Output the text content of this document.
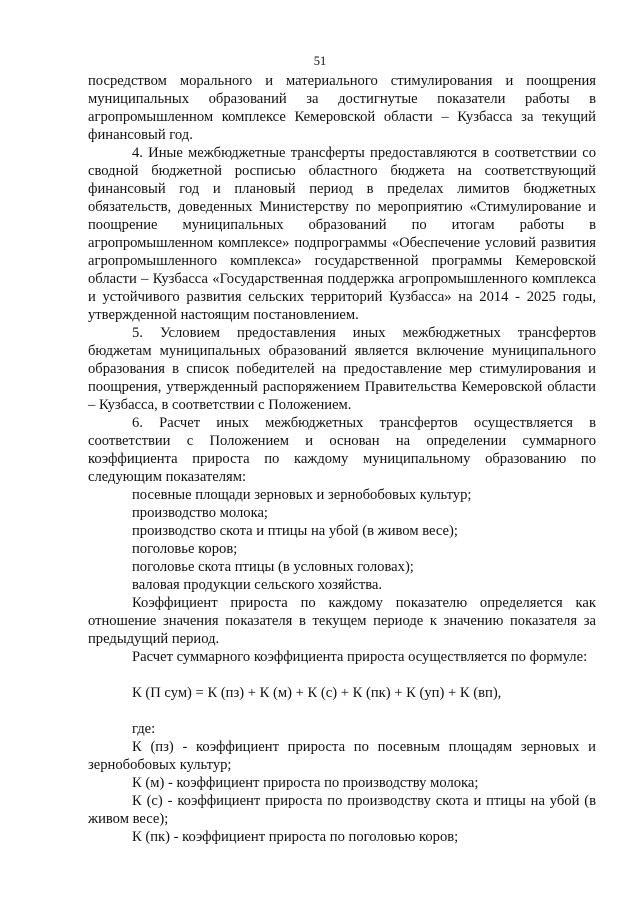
51

посредством морального и материального стимулирования и поощрения муниципальных образований за достигнутые показатели работы в агропромышленном комплексе Кемеровской области – Кузбасса за текущий финансовый год.

4. Иные межбюджетные трансферты предоставляются в соответствии со сводной бюджетной росписью областного бюджета на соответствующий финансовый год и плановый период в пределах лимитов бюджетных обязательств, доведенных Министерству по мероприятию «Стимулирование и поощрение муниципальных образований по итогам работы в агропромышленном комплексе» подпрограммы «Обеспечение условий развития агропромышленного комплекса» государственной программы Кемеровской области – Кузбасса «Государственная поддержка агропромышленного комплекса и устойчивого развития сельских территорий Кузбасса» на 2014 - 2025 годы, утвержденной настоящим постановлением.

5. Условием предоставления иных межбюджетных трансфертов бюджетам муниципальных образований является включение муниципального образования в список победителей на предоставление мер стимулирования и поощрения, утвержденный распоряжением Правительства Кемеровской области – Кузбасса, в соответствии с Положением.

6. Расчет иных межбюджетных трансфертов осуществляется в соответствии с Положением и основан на определении суммарного коэффициента прироста по каждому муниципальному образованию по следующим показателям:

посевные площади зерновых и зернобобовых культур;

производство молока;

производство скота и птицы на убой (в живом весе);

поголовье коров;

поголовье скота птицы (в условных головах);

валовая продукции сельского хозяйства.

Коэффициент прироста по каждому показателю определяется как отношение значения показателя в текущем периоде к значению показателя за предыдущий период.

Расчет суммарного коэффициента прироста осуществляется по формуле:

К (П сум) = К (пз) + К (м) + К (с) + К (пк) + К (уп) + К (вп),

где:

К (пз) - коэффициент прироста по посевным площадям зерновых и зернобобовых культур;

К (м) - коэффициент прироста по производству молока;

К (с) - коэффициент прироста по производству скота и птицы на убой (в живом весе);

К (пк) - коэффициент прироста по поголовью коров;
